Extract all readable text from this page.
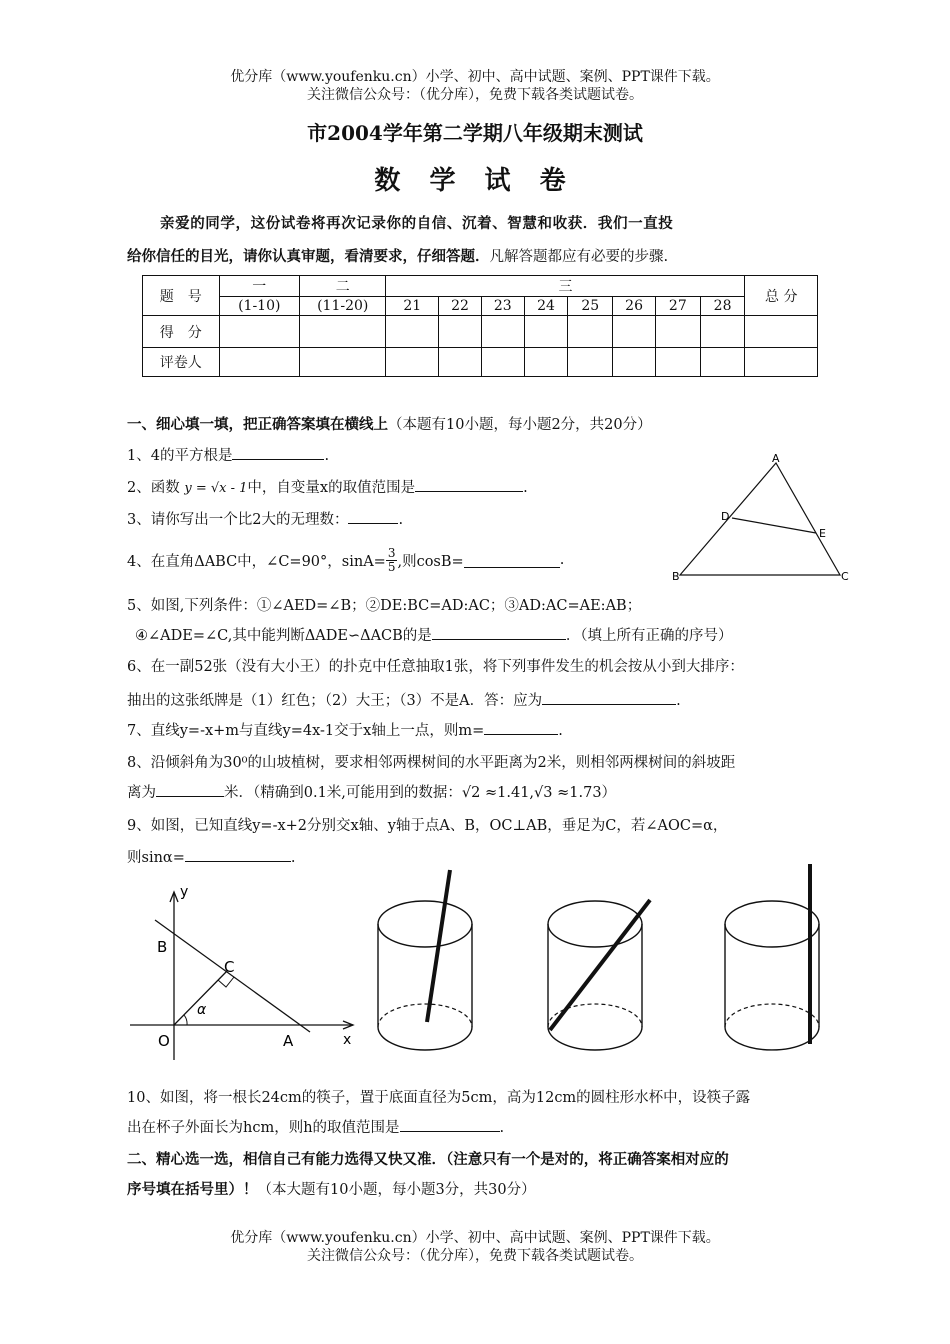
优分库（www.youfenku.cn）小学、初中、高中试题、案例、PPT课件下载。
关注微信公众号：（优分库），免费下载各类试题试卷。
市2004学年第二学期八年级期末测试
数 学 试 卷
亲爱的同学，这份试卷将再次记录你的自信、沉着、智慧和收获．我们一直投
给你信任的目光，请你认真审题，看清要求，仔细答题．凡解答题都应有必要的步骤.
题　号	一	二	三								总 分
	(1-10)	(11-20)	21	22	23	24	25	26	27	28	
得　分											
评卷人											
一、细心填一填，把正确答案填在横线上（本题有10小题，每小题2分，共20分）
1、4的平方根是	.
2、函数 y = √x - 1中，自变量x的取值范围是	.
3、请你写出一个比2大的无理数：	.
4、在直角ΔABC中，∠C=90°，$\sin A= \frac{3}{5}$ ,则cosB=	.
5、如图,下列条件：①∠AED=∠B；②DE:BC=AD:AC；③AD:AC=AE:AB；
④∠ADE=∠C,其中能判断ΔADE∽ΔACB的是	．（填上所有正确的序号）
6、在一副52张（没有大小王）的扑克中任意抽取1张，将下列事件发生的机会按从小到大排序：
抽出的这张纸牌是（1）红色；（2）大王；（3）不是A．答：应为	.
7、直线y=-x+m与直线y=4x-1交于x轴上一点，则m=	.
8、沿倾斜角为30⁰的山坡植树，要求相邻两棵树间的水平距离为2米，则相邻两棵树间的斜坡距
离为	米．（精确到0.1米,可能用到的数据：√2 ≈1.41,√3 ≈1.73）
9、如图，已知直线y=-x+2分别交x轴、y轴于点A、B，OC⊥AB，垂足为C，若∠AOC=α，
则sinα=	.
A
B	C
D
E
y
x
B
C
O	A
α
10、如图，将一根长24cm的筷子，置于底面直径为5cm，高为12cm的圆柱形水杯中，设筷子露
出在杯子外面长为hcm，则h的取值范围是	.
二、精心选一选，相信自己有能力选得又快又准．（注意只有一个是对的，将正确答案相对应的
序号填在括号里）！（本大题有10小题，每小题3分，共30分）
优分库（www.youfenku.cn）小学、初中、高中试题、案例、PPT课件下载。
关注微信公众号：（优分库），免费下载各类试题试卷。
